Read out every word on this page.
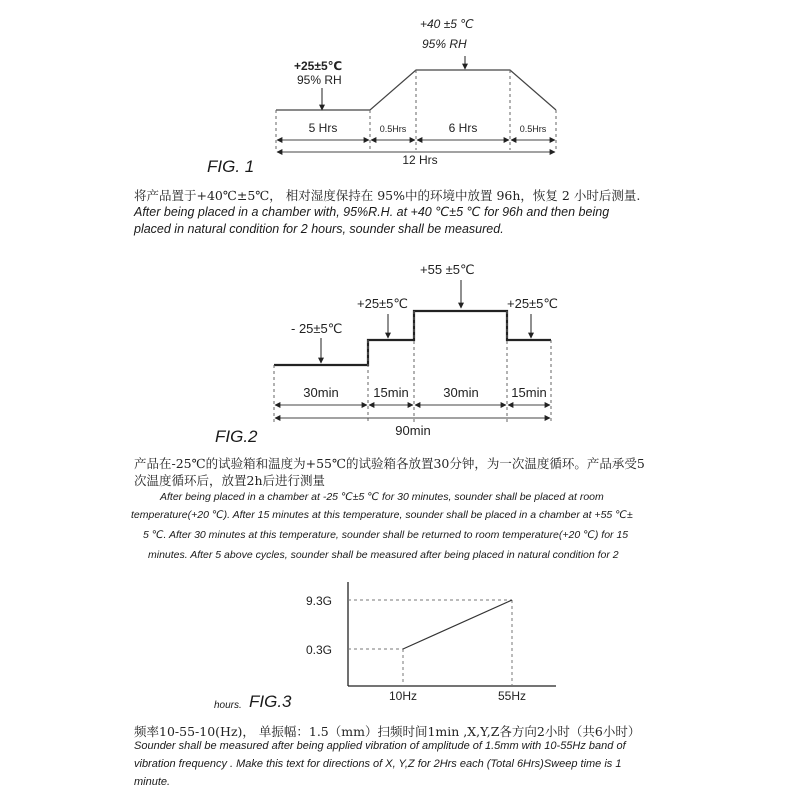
+40 ±5 ℃
95% RH
+25±5℃
95% RH
5 Hrs	0.5Hrs	6 Hrs	0.5Hrs
12 Hrs
FIG. 1
将产品置于+40℃±5℃， 相对湿度保持在 95%中的环境中放置 96h，恢复 2 小时后测量.
After being placed in a chamber with, 95%R.H. at +40 ℃±5 ℃ for 96h and then being
placed in natural condition for 2 hours, sounder shall be measured.
- 25±5℃
+25±5℃
+55 ±5℃
+25±5℃
30min	15min	30min	15min
90min
FIG.2
产品在-25℃的试验箱和温度为+55℃的试验箱各放置30分钟，为一次温度循环。产品承受5
次温度循环后，放置2h后进行测量
After being placed in a chamber at -25 ℃±5 ℃ for 30 minutes, sounder shall be placed at room
temperature(+20 ℃). After 15 minutes at this temperature, sounder shall be placed in a chamber at +55 ℃±
5 ℃. After 30 minutes at this temperature, sounder shall be returned to room temperature(+20 ℃) for 15
minutes. After 5 above cycles, sounder shall be measured after being placed in natural condition for 2
9.3G
0.3G
10Hz	55Hz
hours. FIG.3
频率10-55-10(Hz)， 单振幅：1.5（mm）扫频时间1min ,X,Y,Z各方向2小时（共6小时）
Sounder shall be measured after being applied vibration of amplitude of 1.5mm with 10-55Hz band of
vibration frequency . Make this text for directions of X, Y,Z for 2Hrs each (Total 6Hrs)Sweep time is 1
minute.
